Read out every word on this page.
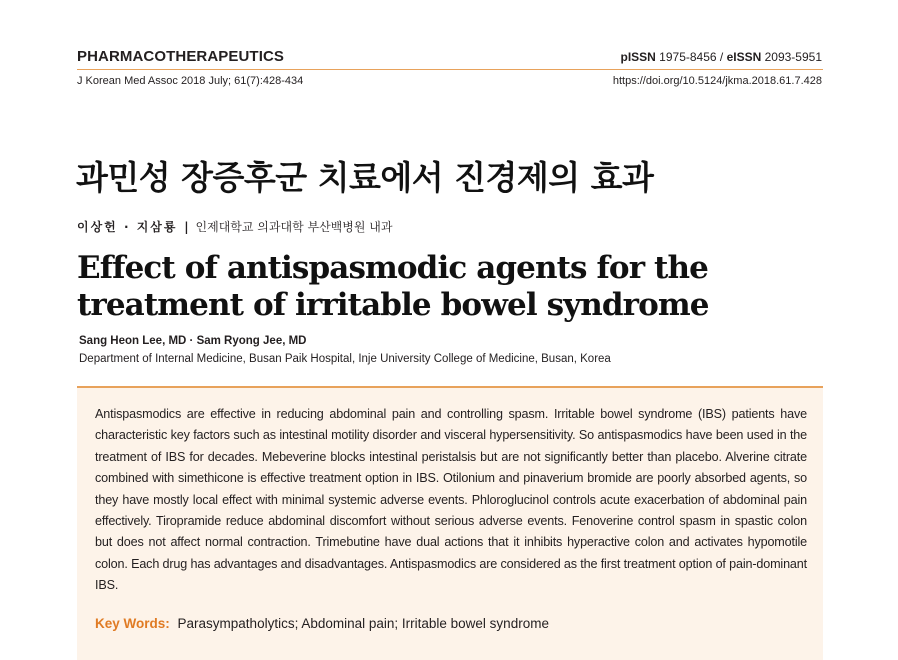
PHARMACOTHERAPEUTICS	pISSN 1975-8456 / eISSN 2093-5951
J Korean Med Assoc 2018 July; 61(7):428-434	https://doi.org/10.5124/jkma.2018.61.7.428
과민성 장증후군 치료에서 진경제의 효과
이상헌 · 지삼룡 | 인제대학교 의과대학 부산백병원 내과
Effect of antispasmodic agents for the treatment of irritable bowel syndrome
Sang Heon Lee, MD · Sam Ryong Jee, MD
Department of Internal Medicine, Busan Paik Hospital, Inje University College of Medicine, Busan, Korea
Antispasmodics are effective in reducing abdominal pain and controlling spasm. Irritable bowel syndrome (IBS) patients have characteristic key factors such as intestinal motility disorder and visceral hypersensitivity. So antispasmodics have been used in the treatment of IBS for decades. Mebeverine blocks intestinal peristalsis but are not significantly better than placebo. Alverine citrate combined with simethicone is effective treatment option in IBS. Otilonium and pinaverium bromide are poorly absorbed agents, so they have mostly local effect with minimal systemic adverse events. Phloroglucinol controls acute exacerbation of abdominal pain effectively. Tiropramide reduce abdominal discomfort without serious adverse events. Fenoverine control spasm in spastic colon but does not affect normal contraction. Trimebutine have dual actions that it inhibits hyperactive colon and activates hypomotile colon. Each drug has advantages and disadvantages. Antispasmodics are considered as the first treatment option of pain-dominant IBS.
Key Words: Parasympatholytics; Abdominal pain; Irritable bowel syndrome
